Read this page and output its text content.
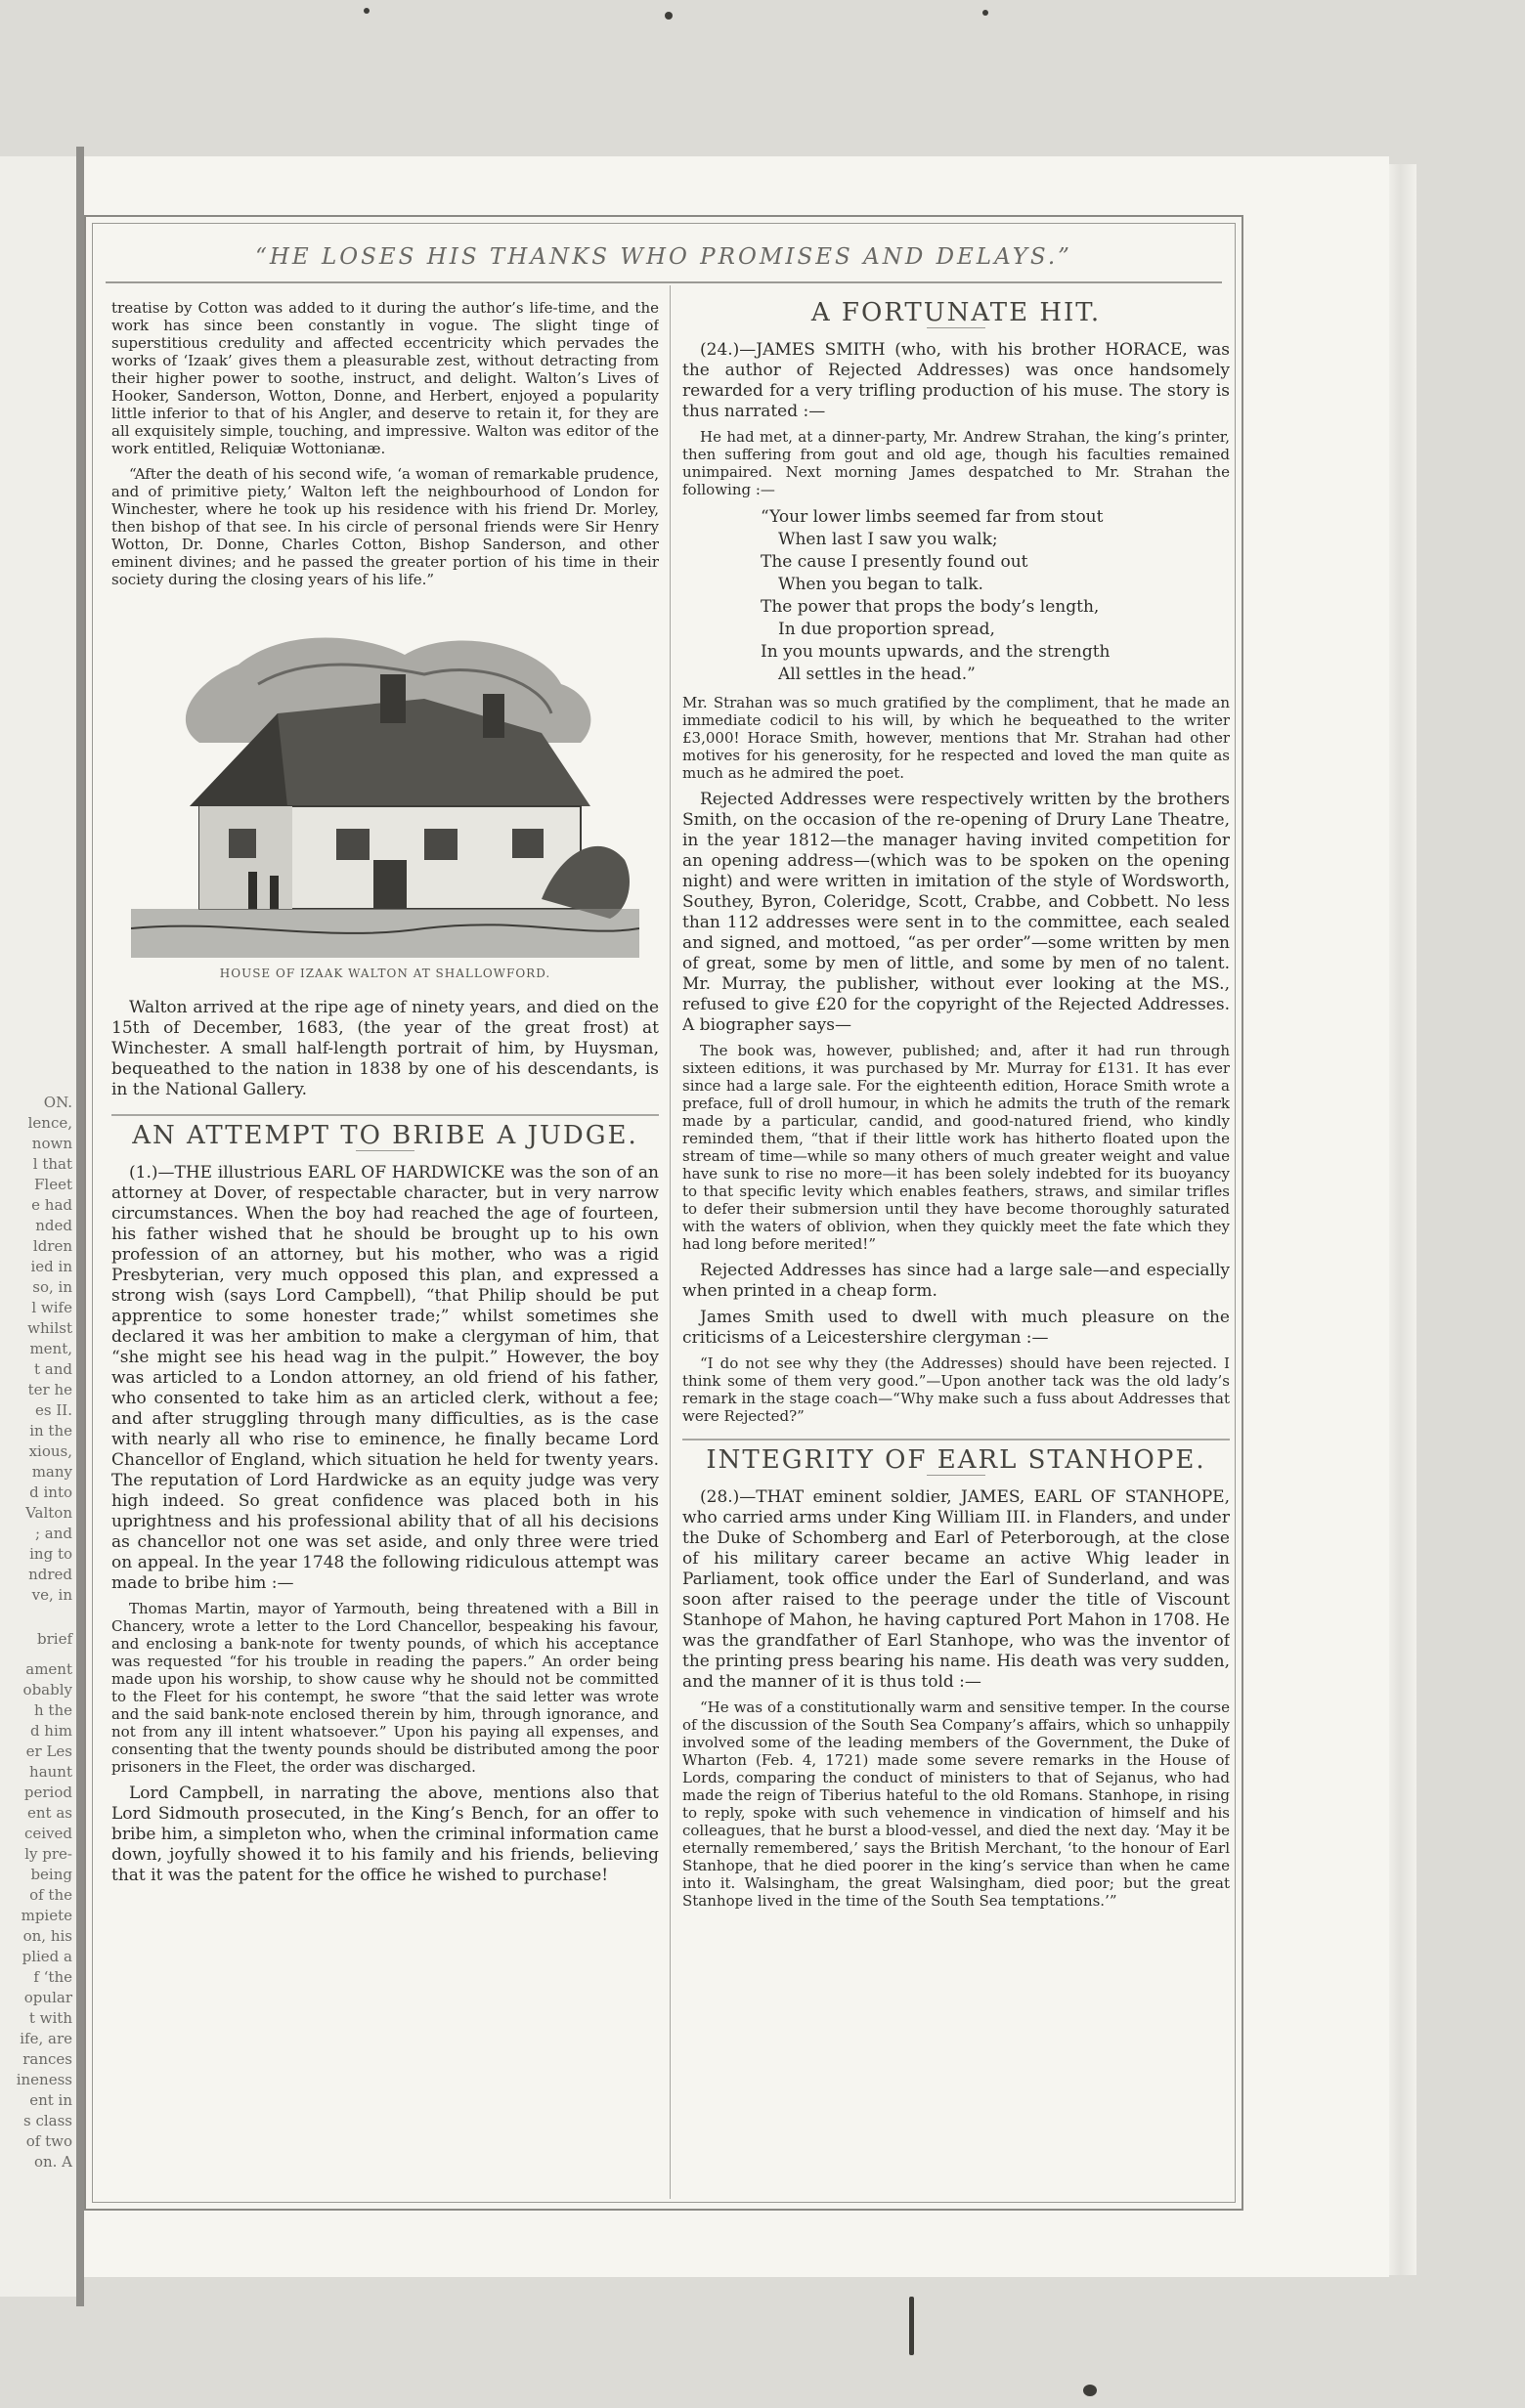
ON.
lence,
nown
l that
Fleet
e had
nded
ldren
ied in
so, in
l wife
whilst
ment,
t and
ter he
es II.
in the
xious,
many
d into
Valton
; and
ing to
ndred
ve, in
brief
ament
obably
h the
d him
er Les
haunt
period
ent as
ceived
ly pre-
being
of the
mpiete
on, his
plied a
f ‘the
opular
t with
ife, are
rances
ineness
ent in
s class
of two
on. A
“HE LOSES HIS THANKS WHO PROMISES AND DELAYS.”

treatise by Cotton was added to it during the author’s life-time, and the work has since been constantly in vogue. The slight tinge of superstitious credulity and affected eccentricity which pervades the works of ‘Izaak’ gives them a pleasurable zest, without detracting from their higher power to soothe, instruct, and delight. Walton’s Lives of Hooker, Sanderson, Wotton, Donne, and Herbert, enjoyed a popularity little inferior to that of his Angler, and deserve to retain it, for they are all exquisitely simple, touching, and impressive. Walton was editor of the work entitled, Reliquiæ Wottonianæ.

“After the death of his second wife, ‘a woman of remarkable prudence, and of primitive piety,’ Walton left the neighbourhood of London for Winchester, where he took up his residence with his friend Dr. Morley, then bishop of that see. In his circle of personal friends were Sir Henry Wotton, Dr. Donne, Charles Cotton, Bishop Sanderson, and other eminent divines; and he passed the greater portion of his time in their society during the closing years of his life.”

HOUSE OF IZAAK WALTON AT SHALLOWFORD.

Walton arrived at the ripe age of ninety years, and died on the 15th of December, 1683, (the year of the great frost) at Winchester. A small half-length portrait of him, by Huysman, bequeathed to the nation in 1838 by one of his descendants, is in the National Gallery.

AN ATTEMPT TO BRIBE A JUDGE.

(1.)—THE illustrious EARL OF HARDWICKE was the son of an attorney at Dover, of respectable character, but in very narrow circumstances. When the boy had reached the age of fourteen, his father wished that he should be brought up to his own profession of an attorney, but his mother, who was a rigid Presbyterian, very much opposed this plan, and expressed a strong wish (says Lord Campbell), “that Philip should be put apprentice to some honester trade;” whilst sometimes she declared it was her ambition to make a clergyman of him, that “she might see his head wag in the pulpit.” However, the boy was articled to a London attorney, an old friend of his father, who consented to take him as an articled clerk, without a fee; and after struggling through many difficulties, as is the case with nearly all who rise to eminence, he finally became Lord Chancellor of England, which situation he held for twenty years. The reputation of Lord Hardwicke as an equity judge was very high indeed. So great confidence was placed both in his uprightness and his professional ability that of all his decisions as chancellor not one was set aside, and only three were tried on appeal. In the year 1748 the following ridiculous attempt was made to bribe him :—

Thomas Martin, mayor of Yarmouth, being threatened with a Bill in Chancery, wrote a letter to the Lord Chancellor, bespeaking his favour, and enclosing a bank-note for twenty pounds, of which his acceptance was requested “for his trouble in reading the papers.” An order being made upon his worship, to show cause why he should not be committed to the Fleet for his contempt, he swore “that the said letter was wrote and the said bank-note enclosed therein by him, through ignorance, and not from any ill intent whatsoever.” Upon his paying all expenses, and consenting that the twenty pounds should be distributed among the poor prisoners in the Fleet, the order was discharged.

Lord Campbell, in narrating the above, mentions also that Lord Sidmouth prosecuted, in the King’s Bench, for an offer to bribe him, a simpleton who, when the criminal information came down, joyfully showed it to his family and his friends, believing that it was the patent for the office he wished to purchase!

A FORTUNATE HIT.

(24.)—JAMES SMITH (who, with his brother HORACE, was the author of Rejected Addresses) was once handsomely rewarded for a very trifling production of his muse. The story is thus narrated :—

He had met, at a dinner-party, Mr. Andrew Strahan, the king’s printer, then suffering from gout and old age, though his faculties remained unimpaired. Next morning James despatched to Mr. Strahan the following :—

“Your lower limbs seemed far from stout
When last I saw you walk;
The cause I presently found out
When you began to talk.
The power that props the body’s length,
In due proportion spread,
In you mounts upwards, and the strength
All settles in the head.”

Mr. Strahan was so much gratified by the compliment, that he made an immediate codicil to his will, by which he bequeathed to the writer £3,000! Horace Smith, however, mentions that Mr. Strahan had other motives for his generosity, for he respected and loved the man quite as much as he admired the poet.

Rejected Addresses were respectively written by the brothers Smith, on the occasion of the re-opening of Drury Lane Theatre, in the year 1812—the manager having invited competition for an opening address—(which was to be spoken on the opening night) and were written in imitation of the style of Wordsworth, Southey, Byron, Coleridge, Scott, Crabbe, and Cobbett. No less than 112 addresses were sent in to the committee, each sealed and signed, and mottoed, “as per order”—some written by men of great, some by men of little, and some by men of no talent. Mr. Murray, the publisher, without ever looking at the MS., refused to give £20 for the copyright of the Rejected Addresses. A biographer says—

The book was, however, published; and, after it had run through sixteen editions, it was purchased by Mr. Murray for £131. It has ever since had a large sale. For the eighteenth edition, Horace Smith wrote a preface, full of droll humour, in which he admits the truth of the remark made by a particular, candid, and good-natured friend, who kindly reminded them, “that if their little work has hitherto floated upon the stream of time—while so many others of much greater weight and value have sunk to rise no more—it has been solely indebted for its buoyancy to that specific levity which enables feathers, straws, and similar trifles to defer their submersion until they have become thoroughly saturated with the waters of oblivion, when they quickly meet the fate which they had long before merited!”

Rejected Addresses has since had a large sale—and especially when printed in a cheap form.

James Smith used to dwell with much pleasure on the criticisms of a Leicestershire clergyman :—

“I do not see why they (the Addresses) should have been rejected. I think some of them very good.”—Upon another tack was the old lady’s remark in the stage coach—“Why make such a fuss about Addresses that were Rejected?”

INTEGRITY OF EARL STANHOPE.

(28.)—THAT eminent soldier, JAMES, EARL OF STANHOPE, who carried arms under King William III. in Flanders, and under the Duke of Schomberg and Earl of Peterborough, at the close of his military career became an active Whig leader in Parliament, took office under the Earl of Sunderland, and was soon after raised to the peerage under the title of Viscount Stanhope of Mahon, he having captured Port Mahon in 1708. He was the grandfather of Earl Stanhope, who was the inventor of the printing press bearing his name. His death was very sudden, and the manner of it is thus told :—

“He was of a constitutionally warm and sensitive temper. In the course of the discussion of the South Sea Company’s affairs, which so unhappily involved some of the leading members of the Government, the Duke of Wharton (Feb. 4, 1721) made some severe remarks in the House of Lords, comparing the conduct of ministers to that of Sejanus, who had made the reign of Tiberius hateful to the old Romans. Stanhope, in rising to reply, spoke with such vehemence in vindication of himself and his colleagues, that he burst a blood-vessel, and died the next day. ‘May it be eternally remembered,’ says the British Merchant, ‘to the honour of Earl Stanhope, that he died poorer in the king’s service than when he came into it. Walsingham, the great Walsingham, died poor; but the great Stanhope lived in the time of the South Sea temptations.’”
